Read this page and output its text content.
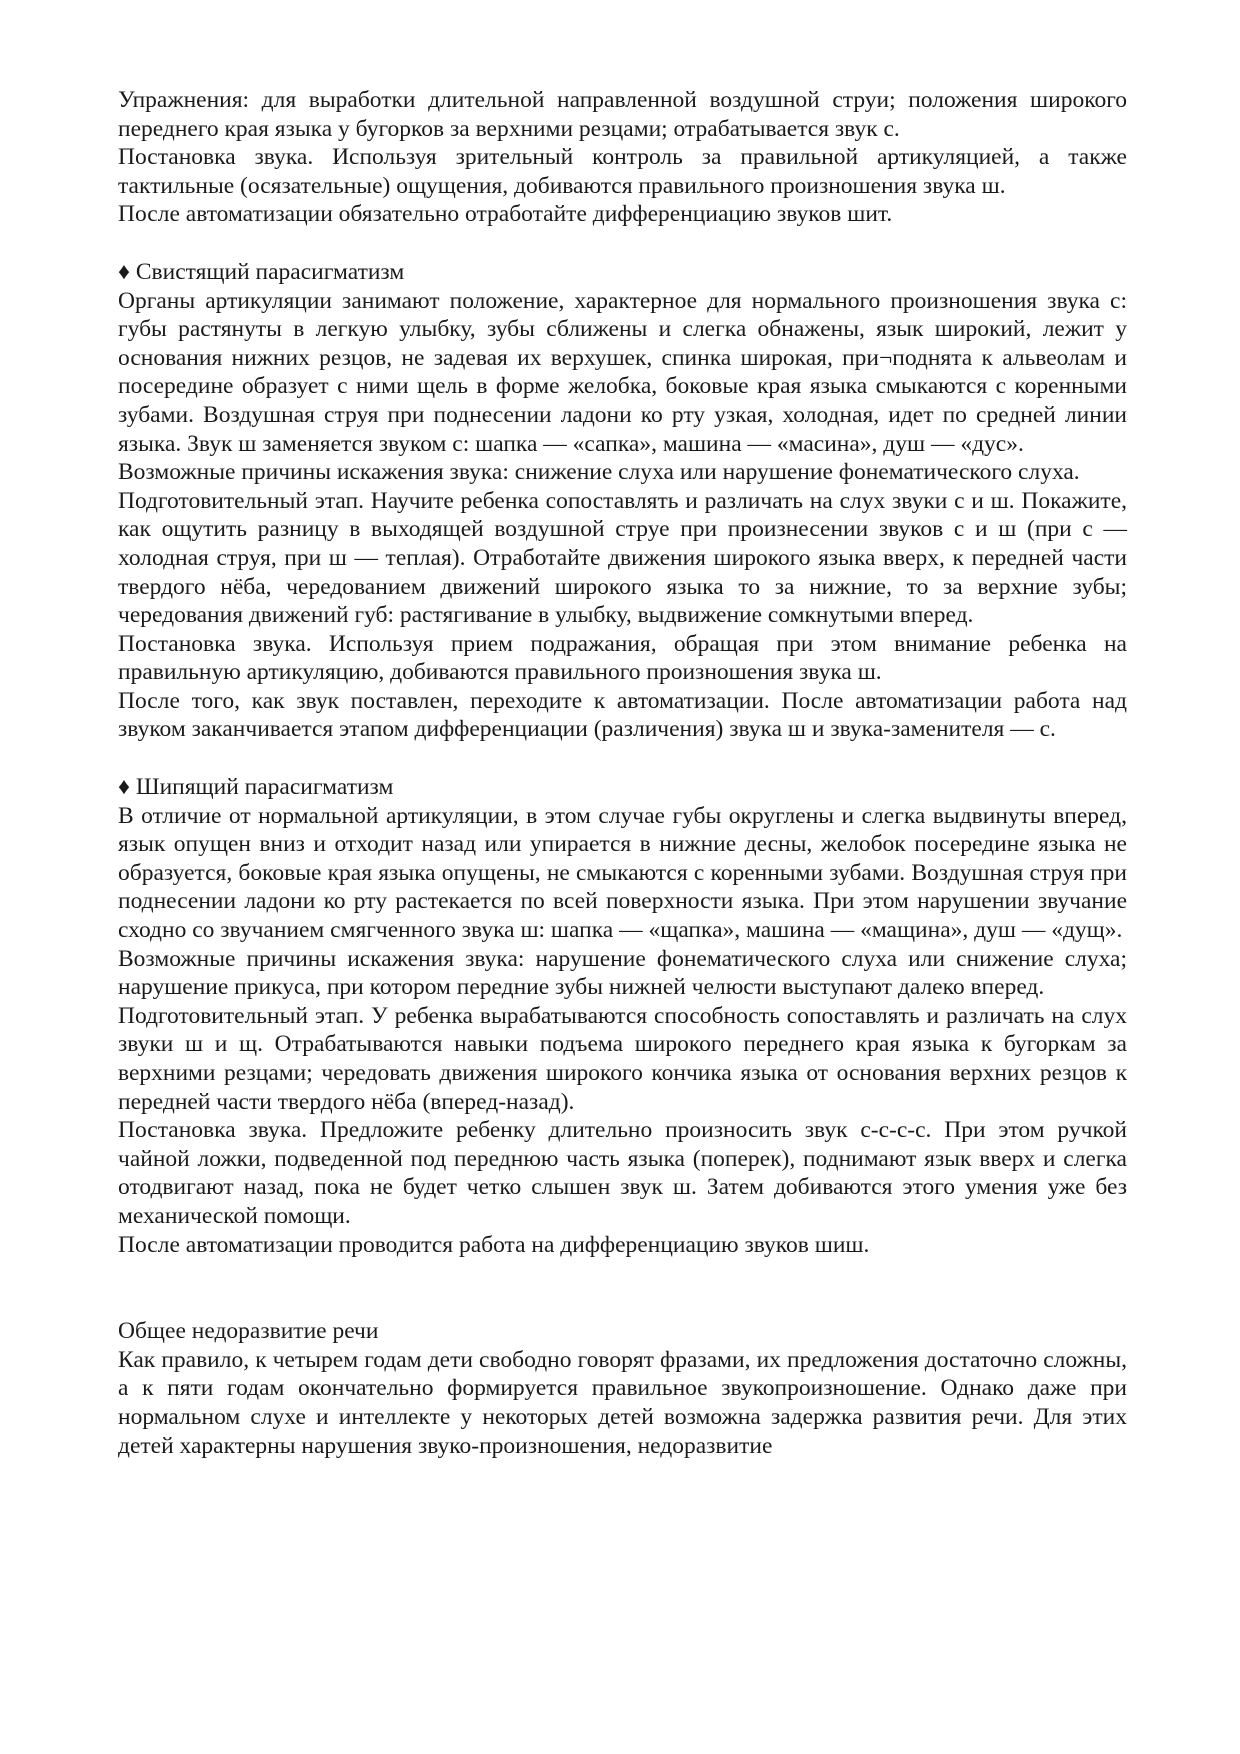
Упражнения: для выработки длительной направленной воздушной струи; положения широкого переднего края языка у бугорков за верхними резцами; отрабатывается звук с.

Постановка звука. Используя зрительный контроль за правильной артикуляцией, а также тактильные (осязательные) ощущения, добиваются правильного произношения звука ш.

После автоматизации обязательно отработайте дифференциацию звуков шит.

♦ Свистящий парасигматизм

Органы артикуляции занимают положение, характерное для нормального произношения звука с: губы растянуты в легкую улыбку, зубы сближены и слегка обнажены, язык широкий, лежит у основания нижних резцов, не задевая их верхушек, спинка широкая, при¬поднята к альвеолам и посередине образует с ними щель в форме желобка, боковые края языка смыкаются с коренными зубами. Воздушная струя при поднесении ладони ко рту узкая, холодная, идет по средней линии языка. Звук ш заменяется звуком с: шапка — «сапка», машина — «масина», душ — «дус».

Возможные причины искажения звука: снижение слуха или нарушение фонематического слуха.

Подготовительный этап. Научите ребенка сопоставлять и различать на слух звуки с и ш. Покажите, как ощутить разницу в выходящей воздушной струе при произнесении звуков с и ш (при с — холодная струя, при ш — теплая). Отработайте движения широкого языка вверх, к передней части твердого нёба, чередованием движений широкого языка то за нижние, то за верхние зубы; чередования движений губ: растягивание в улыбку, выдвижение сомкнутыми вперед.

Постановка звука. Используя прием подражания, обращая при этом внимание ребенка на правильную артикуляцию, добиваются правильного произношения звука ш.

После того, как звук поставлен, переходите к автоматизации. После автоматизации работа над звуком заканчивается этапом дифференциации (различения) звука ш и звука-заменителя — с.

♦ Шипящий парасигматизм

В отличие от нормальной артикуляции, в этом случае губы округлены и слегка выдвинуты вперед, язык опущен вниз и отходит назад или упирается в нижние десны, желобок посередине языка не образуется, боковые края языка опущены, не смыкаются с коренными зубами. Воздушная струя при поднесении ладони ко рту растекается по всей поверхности языка. При этом нарушении звучание сходно со звучанием смягченного звука ш: шапка — «щапка», машина — «мащина», душ — «дущ».

Возможные причины искажения звука: нарушение фонематического слуха или снижение слуха; нарушение прикуса, при котором передние зубы нижней челюсти выступают далеко вперед.

Подготовительный этап. У ребенка вырабатываются способность сопоставлять и различать на слух звуки ш и щ. Отрабатываются навыки подъема широкого переднего края языка к бугоркам за верхними резцами; чередовать движения широкого кончика языка от основания верхних резцов к передней части твердого нёба (вперед-назад).

Постановка звука. Предложите ребенку длительно произносить звук с-с-с-с. При этом ручкой чайной ложки, подведенной под переднюю часть языка (поперек), поднимают язык вверх и слегка отодвигают назад, пока не будет четко слышен звук ш. Затем добиваются этого умения уже без механической помощи.

После автоматизации проводится работа на дифференциацию звуков шиш.

Общее недоразвитие речи

Как правило, к четырем годам дети свободно говорят фразами, их предложения достаточно сложны, а к пяти годам окончательно формируется правильное звукопроизношение. Однако даже при нормальном слухе и интеллекте у некоторых детей возможна задержка развития речи. Для этих детей характерны нарушения звуко-произношения, недоразвитие
